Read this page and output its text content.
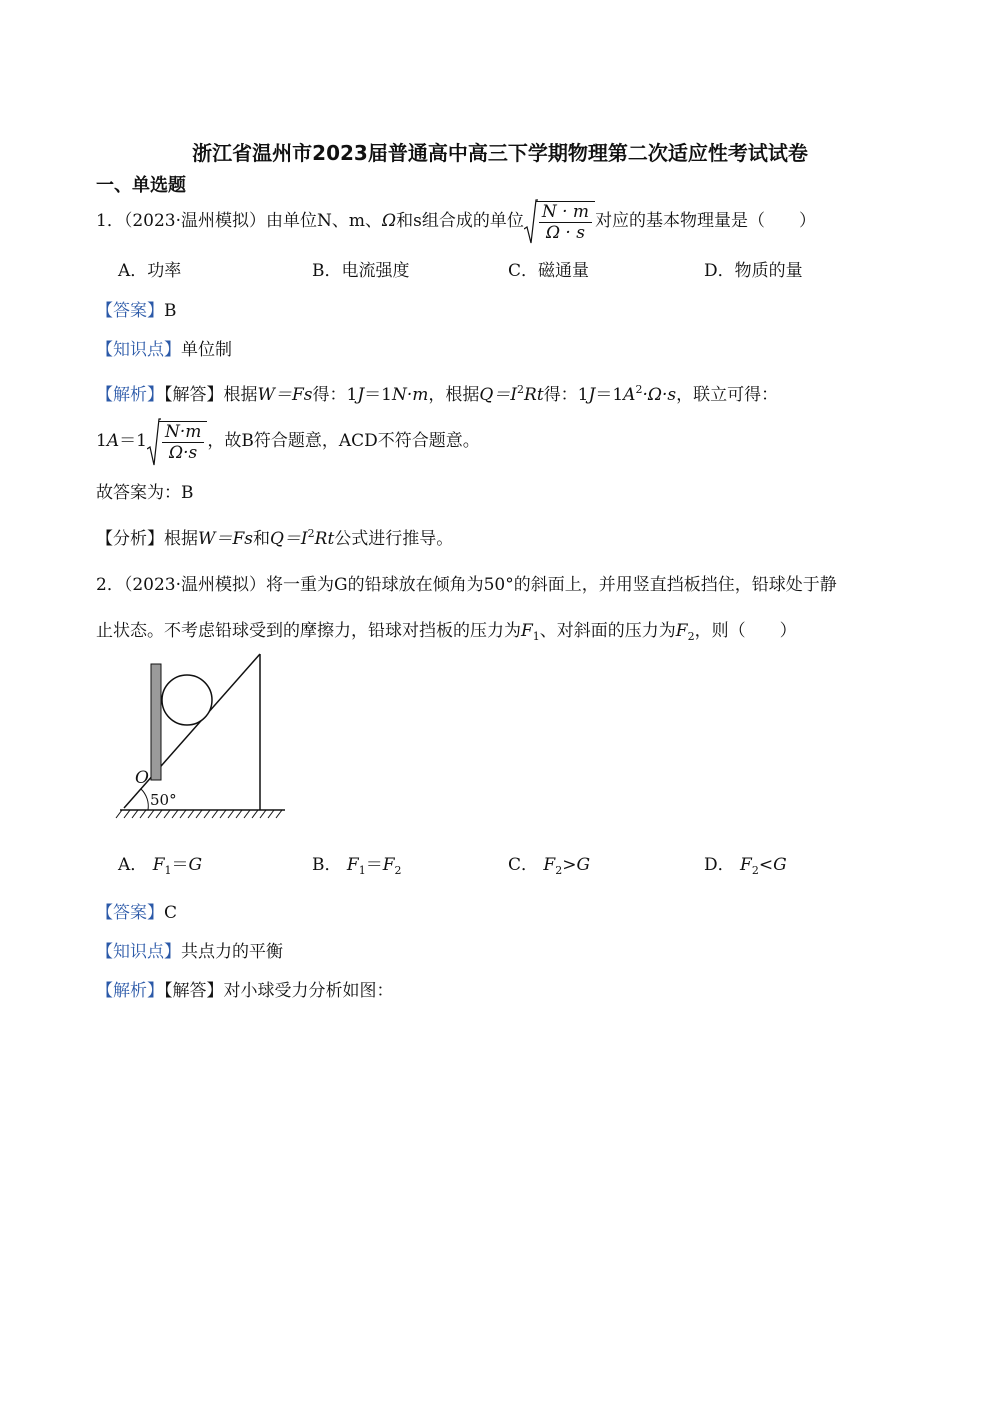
浙江省温州市2023届普通高中高三下学期物理第二次适应性考试试卷
一、单选题
1．（2023·温州模拟）由单位N、m、Ω和s组合成的单位 $\frac{N \cdot m}{\Omega \cdot s}$ 对应的基本物理量是（　　）
A．功率	B．电流强度	C．磁通量	D．物质的量
【答案】B
【知识点】单位制
【解析】【解答】根据W＝Fs得：1J＝1N·m，根据$Q=I^2Rt$得：$1J=1A^2\cdot\Omega\cdot s$，联立可得：
$1A=1 \frac{N\cdot m}{\Omega\cdot s}$ ，故B符合题意，ACD不符合题意。
故答案为：B
【分析】根据W＝Fs和$Q=I^2Rt$公式进行推导。
2．（2023·温州模拟）将一重为G的铅球放在倾角为50°的斜面上，并用竖直挡板挡住，铅球处于静
止状态。不考虑铅球受到的摩擦力，铅球对挡板的压力为$F_1$、对斜面的压力为$F_2$，则（　　）
O
50°
A． $F_1=G$	B． $F_1=F_2$	C． $F_2>G$	D． $F_2<G$
【答案】C
【知识点】共点力的平衡
【解析】【解答】对小球受力分析如图：
